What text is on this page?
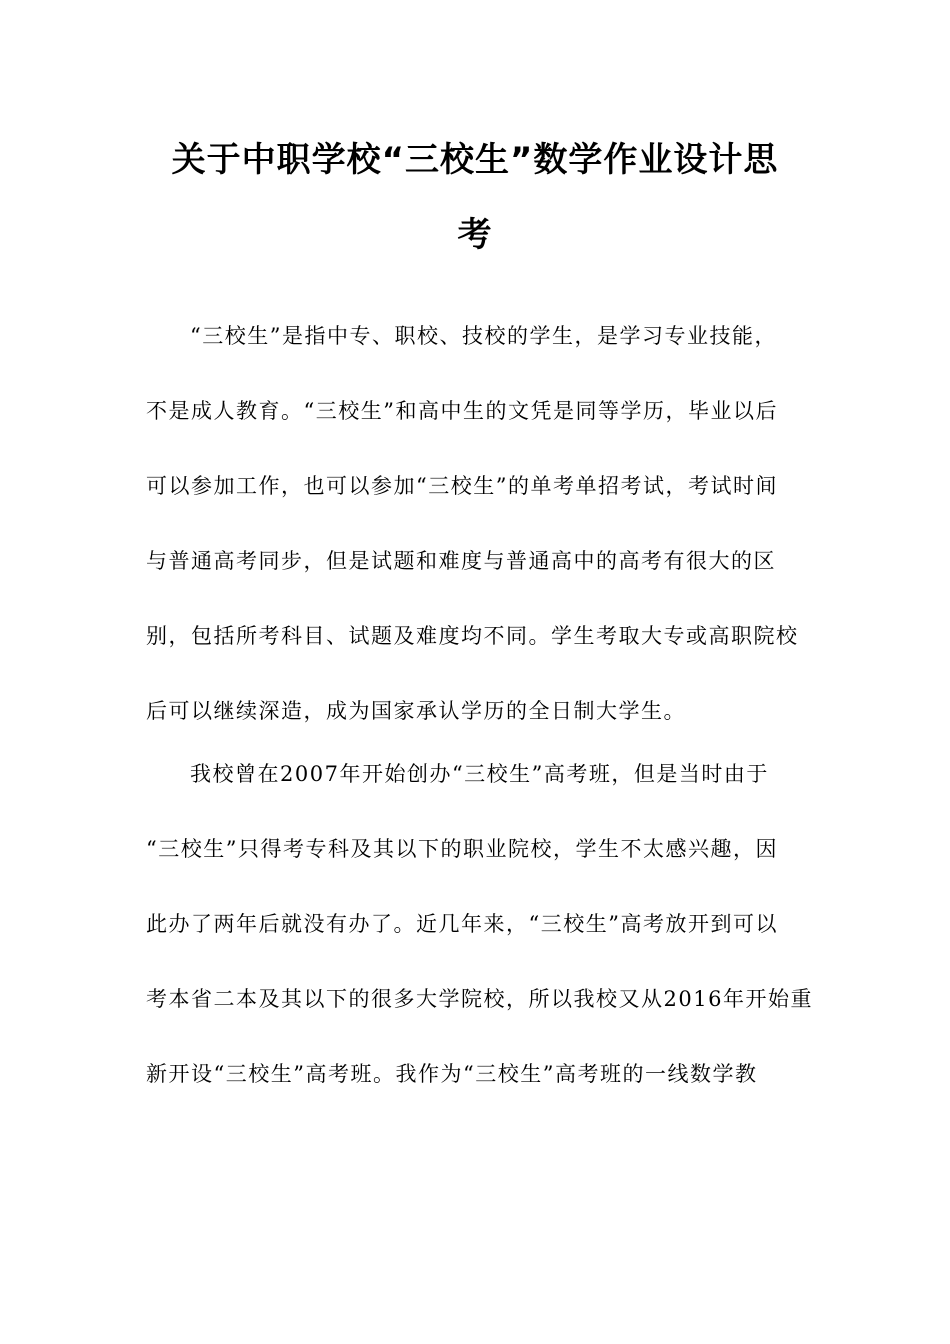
关于中职学校“三校生”数学作业设计思
考
“三校生”是指中专、职校、技校的学生，是学习专业技能，
不是成人教育。“三校生”和高中生的文凭是同等学历，毕业以后
可以参加工作，也可以参加“三校生”的单考单招考试，考试时间
与普通高考同步，但是试题和难度与普通高中的高考有很大的区
别，包括所考科目、试题及难度均不同。学生考取大专或高职院校
后可以继续深造，成为国家承认学历的全日制大学生。
我校曾在2007年开始创办“三校生”高考班，但是当时由于
“三校生”只得考专科及其以下的职业院校，学生不太感兴趣，因
此办了两年后就没有办了。近几年来，“三校生”高考放开到可以
考本省二本及其以下的很多大学院校，所以我校又从2016年开始重
新开设“三校生”高考班。我作为“三校生”高考班的一线数学教
